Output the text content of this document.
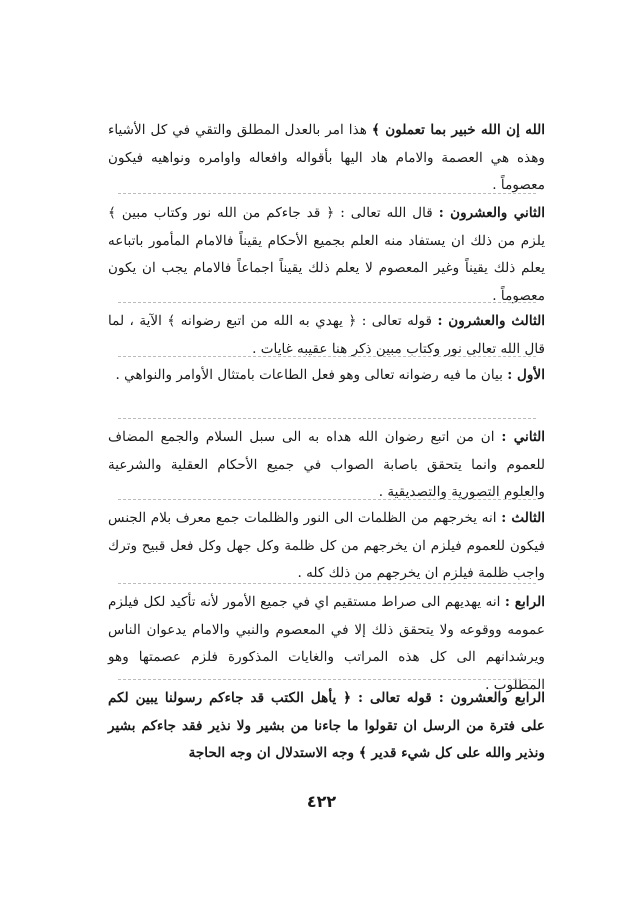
الله إن الله خبير بما تعملون ﴾ هذا امر بالعدل المطلق والتقي في كل الأشياء وهذه هي العصمة والامام هاد اليها بأقواله وافعاله واوامره ونواهيه فيكون معصوماً .

الثاني والعشرون : قال الله تعالى : ﴿ قد جاءكم من الله نور وكتاب مبين ﴾ يلزم من ذلك ان يستفاد منه العلم بجميع الأحكام يقيناً فالامام المأمور باتباعه يعلم ذلك يقيناً وغير المعصوم لا يعلم ذلك يقيناً اجماعاً فالامام يجب ان يكون معصوماً .

الثالث والعشرون : قوله تعالى : ﴿ يهدي به الله من اتبع رضوانه ﴾ الآية ، لما قال الله تعالى نور وكتاب مبين ذكر هنا عقيبه غايات .

الأول : بيان ما فيه رضوانه تعالى وهو فعل الطاعات بامتثال الأوامر والنواهي .

الثاني : ان من اتبع رضوان الله هداه به الى سبل السلام والجمع المضاف للعموم وانما يتحقق باصابة الصواب في جميع الأحكام العقلية والشرعية والعلوم التصورية والتصديقية .

الثالث : انه يخرجهم من الظلمات الى النور والظلمات جمع معرف بلام الجنس فيكون للعموم فيلزم ان يخرجهم من كل ظلمة وكل جهل وكل فعل قبيح وترك واجب ظلمة فيلزم ان يخرجهم من ذلك كله .

الرابع : انه يهديهم الى صراط مستقيم اي في جميع الأمور لأنه تأكيد لكل فيلزم عمومه ووقوعه ولا يتحقق ذلك إلا في المعصوم والنبي والامام يدعوان الناس ويرشدانهم الى كل هذه المراتب والغايات المذكورة فلزم عصمتها وهو المطلوب .

الرابع والعشرون : قوله تعالى : ﴿ يأهل الكتب قد جاءكم رسولنا يبين لكم على فترة من الرسل ان تقولوا ما جاءنا من بشير ولا نذير فقد جاءكم بشير ونذير والله على كل شيء قدير ﴾ وجه الاستدلال ان وجه الحاجة

٤٢٢
